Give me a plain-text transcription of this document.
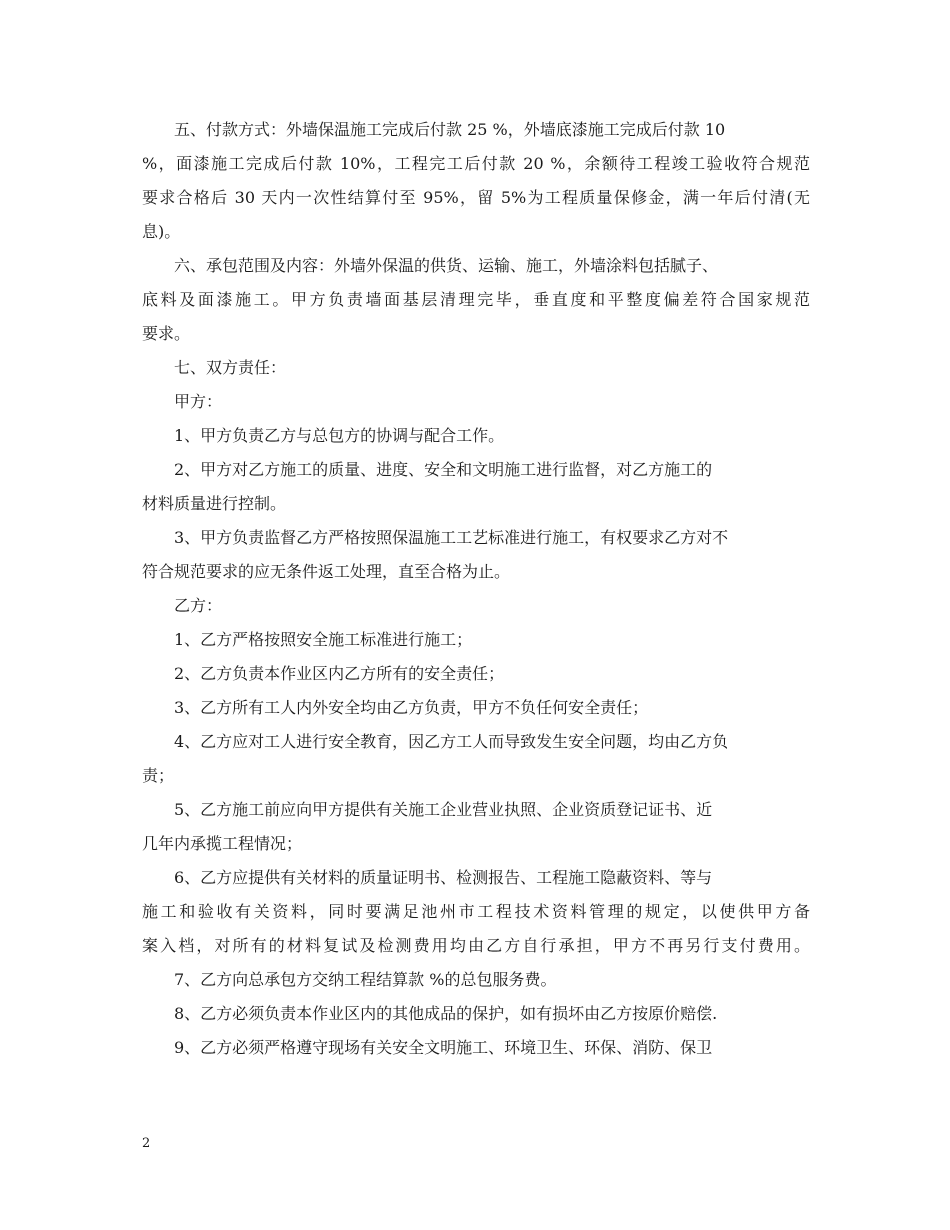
五、付款方式：外墙保温施工完成后付款 25 %，外墙底漆施工完成后付款 10
%，面漆施工完成后付款 10%，工程完工后付款 20 %，余额待工程竣工验收符合规范
要求合格后 30 天内一次性结算付至 95%，留 5%为工程质量保修金，满一年后付清(无
息)。
六、承包范围及内容：外墙外保温的供货、运输、施工，外墙涂料包括腻子、
底料及面漆施工。甲方负责墙面基层清理完毕，垂直度和平整度偏差符合国家规范
要求。
七、双方责任：
甲方：
1、甲方负责乙方与总包方的协调与配合工作。
2、甲方对乙方施工的质量、进度、安全和文明施工进行监督，对乙方施工的
材料质量进行控制。
3、甲方负责监督乙方严格按照保温施工工艺标准进行施工，有权要求乙方对不
符合规范要求的应无条件返工处理，直至合格为止。
乙方：
1、乙方严格按照安全施工标准进行施工；
2、乙方负责本作业区内乙方所有的安全责任；
3、乙方所有工人内外安全均由乙方负责，甲方不负任何安全责任；
4、乙方应对工人进行安全教育，因乙方工人而导致发生安全问题，均由乙方负
责；
5、乙方施工前应向甲方提供有关施工企业营业执照、企业资质登记证书、近
几年内承揽工程情况；
6、乙方应提供有关材料的质量证明书、检测报告、工程施工隐蔽资料、等与
施工和验收有关资料，同时要满足池州市工程技术资料管理的规定，以使供甲方备
案入档，对所有的材料复试及检测费用均由乙方自行承担，甲方不再另行支付费用。
7、乙方向总承包方交纳工程结算款 %的总包服务费。
8、乙方必须负责本作业区内的其他成品的保护，如有损坏由乙方按原价赔偿.
9、乙方必须严格遵守现场有关安全文明施工、环境卫生、环保、消防、保卫
2
